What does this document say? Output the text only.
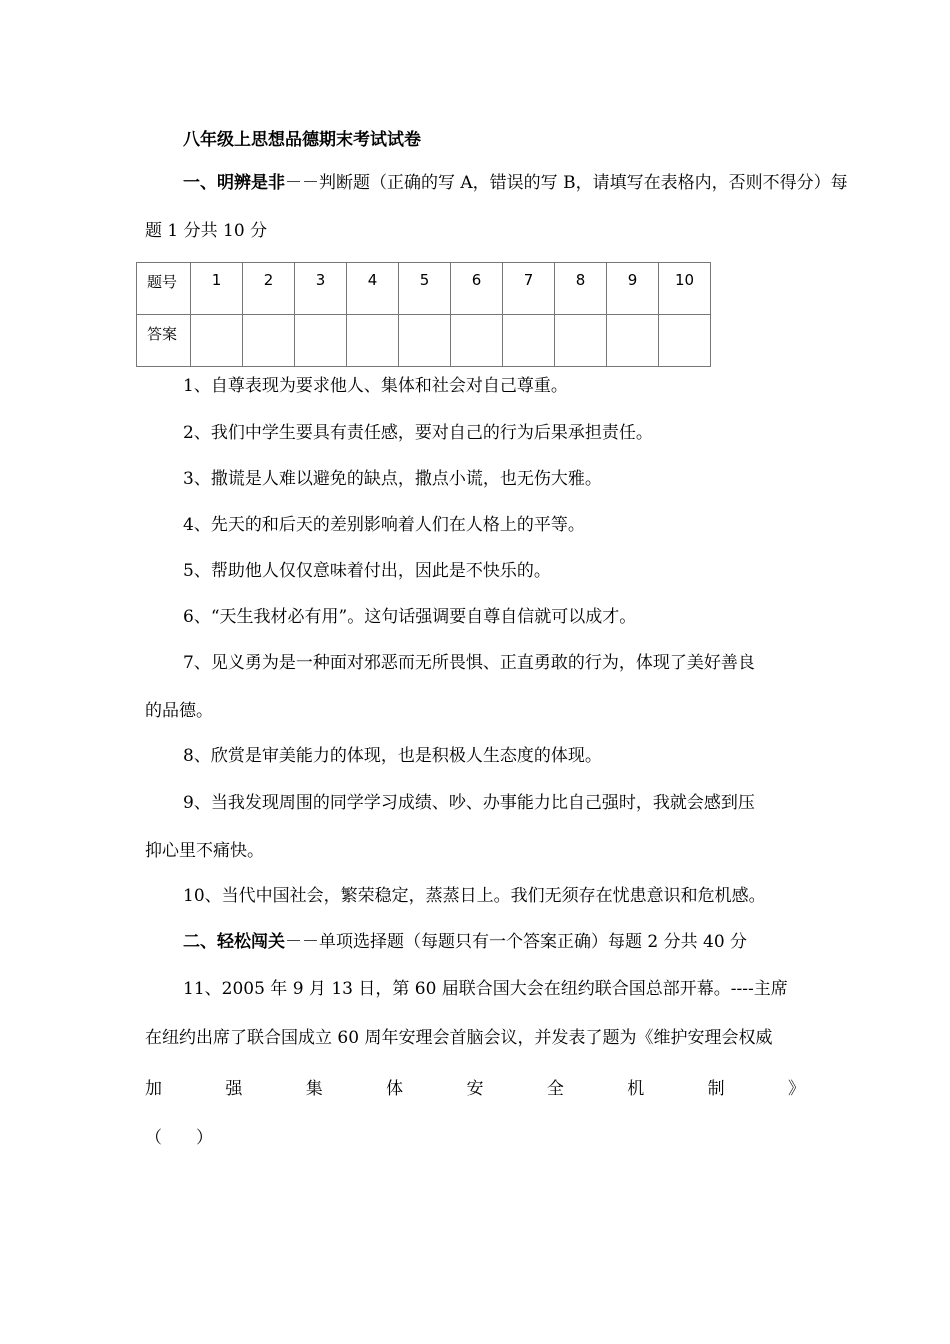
八年级上思想品德期末考试试卷
一、明辨是非－－判断题（正确的写 A，错误的写 B，请填写在表格内，否则不得分）每
题 1 分共 10 分
题号	1	2	3	4	5	6	7	8	9	10
答案										
1、自尊表现为要求他人、集体和社会对自己尊重。
2、我们中学生要具有责任感，要对自己的行为后果承担责任。
3、撒谎是人难以避免的缺点，撒点小谎，也无伤大雅。
4、先天的和后天的差别影响着人们在人格上的平等。
5、帮助他人仅仅意味着付出，因此是不快乐的。
6、“天生我材必有用”。这句话强调要自尊自信就可以成才。
7、见义勇为是一种面对邪恶而无所畏惧、正直勇敢的行为，体现了美好善良
的品德。
8、欣赏是审美能力的体现，也是积极人生态度的体现。
9、当我发现周围的同学学习成绩、吵、办事能力比自己强时，我就会感到压
抑心里不痛快。
10、当代中国社会，繁荣稳定，蒸蒸日上。我们无须存在忧患意识和危机感。
二、轻松闯关－－单项选择题（每题只有一个答案正确）每题 2 分共 40 分
11、2005 年 9 月 13 日，第 60 届联合国大会在纽约联合国总部开幕。----主席
在纽约出席了联合国成立 60 周年安理会首脑会议，并发表了题为《维护安理会权威
加	强	集	体	安	全	机	制	》
（　　）
